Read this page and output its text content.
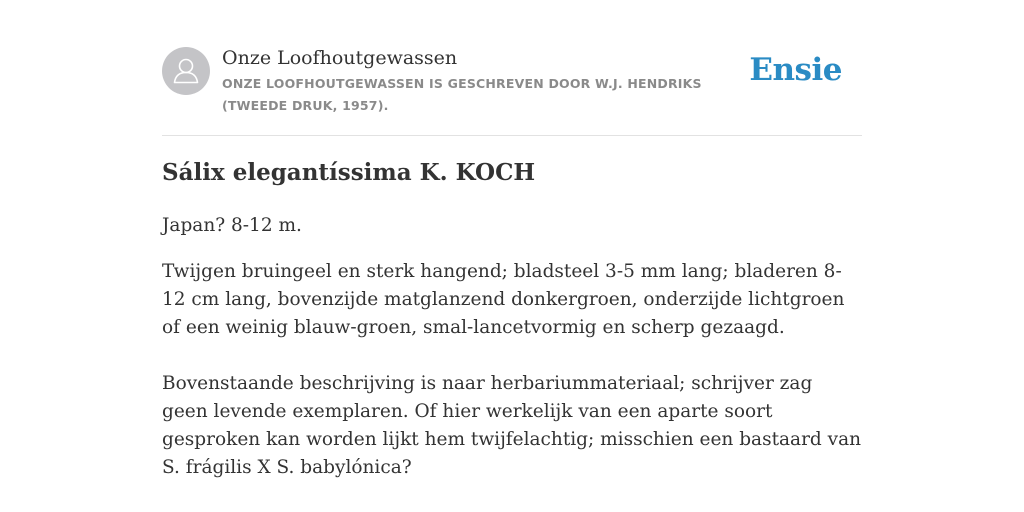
Onze Loofhoutgewassen
ONZE LOOFHOUTGEWASSEN IS GESCHREVEN DOOR W.J. HENDRIKS (TWEEDE DRUK, 1957).
Ensie
Sálix elegantíssima K. KOCH

Japan? 8-12 m.

Twijgen bruingeel en sterk hangend; bladsteel 3-5 mm lang; bladeren 8-12 cm lang, bovenzijde matglanzend donkergroen, onderzijde lichtgroen of een weinig blauw-groen, smal-lancetvormig en scherp gezaagd.

Bovenstaande beschrijving is naar herbariummateriaal; schrijver zag geen levende exemplaren. Of hier werkelijk van een aparte soort gesproken kan worden lijkt hem twijfelachtig; misschien een bastaard van S. frágilis X S. babylónica?
